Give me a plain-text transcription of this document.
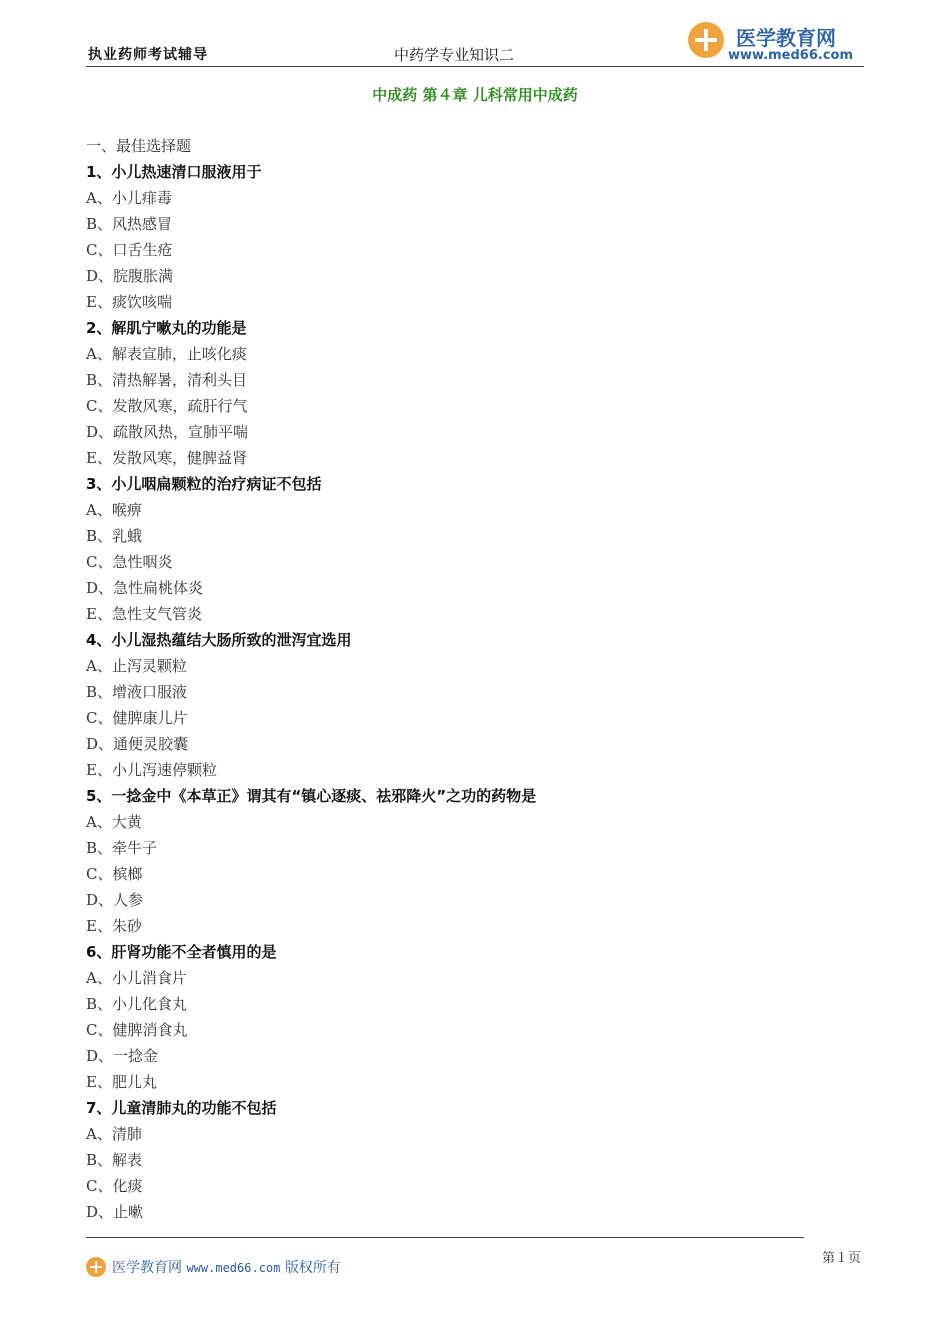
执业药师考试辅导	中药学专业知识二
医学教育网
www.med66.com
中成药 第４章 儿科常用中成药
一、最佳选择题
1、小儿热速清口服液用于
A、小儿痱毒
B、风热感冒
C、口舌生疮
D、脘腹胀满
E、痰饮咳喘
2、解肌宁嗽丸的功能是
A、解表宣肺，止咳化痰
B、清热解暑，清利头目
C、发散风寒，疏肝行气
D、疏散风热，宣肺平喘
E、发散风寒，健脾益肾
3、小儿咽扁颗粒的治疗病证不包括
A、喉痹
B、乳蛾
C、急性咽炎
D、急性扁桃体炎
E、急性支气管炎
4、小儿湿热蕴结大肠所致的泄泻宜选用
A、止泻灵颗粒
B、增液口服液
C、健脾康儿片
D、通便灵胶囊
E、小儿泻速停颗粒
5、一捻金中《本草正》谓其有“镇心逐痰、祛邪降火”之功的药物是
A、大黄
B、牵牛子
C、槟榔
D、人参
E、朱砂
6、肝肾功能不全者慎用的是
A、小儿消食片
B、小儿化食丸
C、健脾消食丸
D、一捻金
E、肥儿丸
7、儿童清肺丸的功能不包括
A、清肺
B、解表
C、化痰
D、止嗽
第１页
医学教育网 www.med66.com 版权所有
